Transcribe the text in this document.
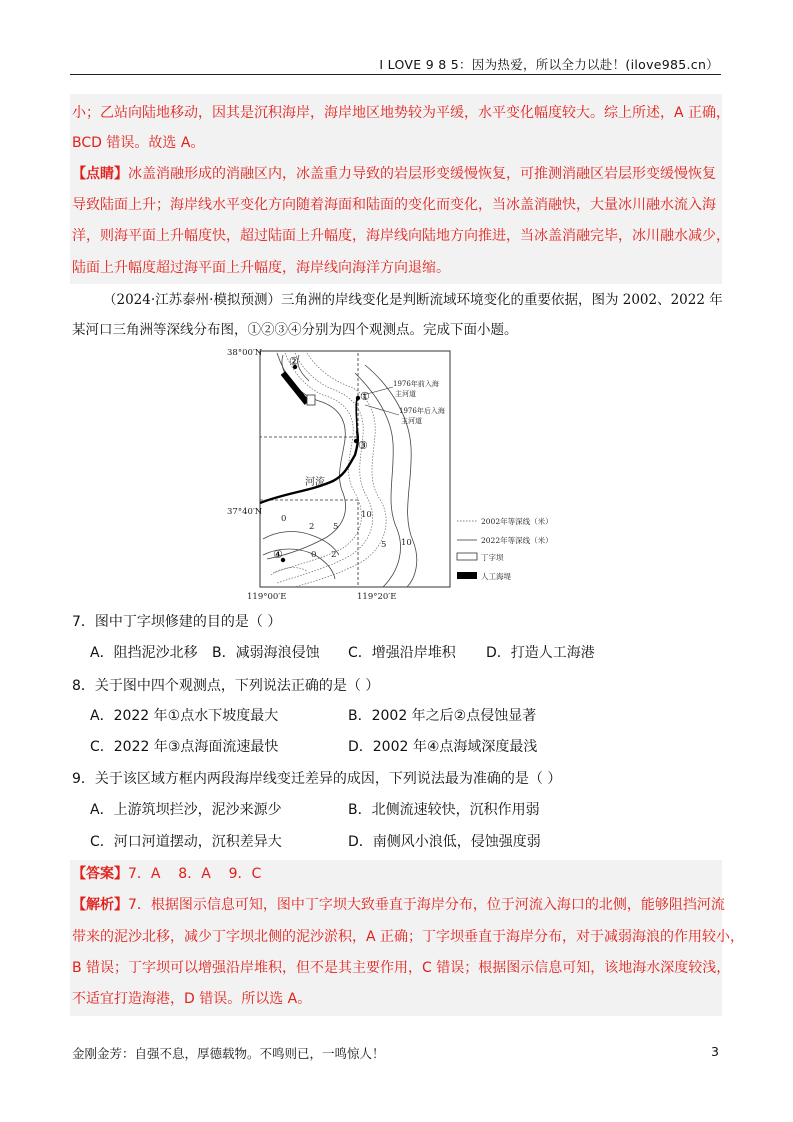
I LOVE 9 8 5：因为热爱，所以全力以赴！(ilove985.cn）
小；乙站向陆地移动，因其是沉积海岸，海岸地区地势较为平缓，水平变化幅度较大。综上所述，A 正确，
BCD 错误。故选 A。
【点睛】冰盖消融形成的消融区内，冰盖重力导致的岩层形变缓慢恢复，可推测消融区岩层形变缓慢恢复
导致陆面上升；海岸线水平变化方向随着海面和陆面的变化而变化，当冰盖消融快，大量冰川融水流入海
洋，则海平面上升幅度快，超过陆面上升幅度，海岸线向陆地方向推进，当冰盖消融完毕，冰川融水减少，
陆面上升幅度超过海平面上升幅度，海岸线向海洋方向退缩。
（2024·江苏泰州·模拟预测）三角洲的岸线变化是判断流域环境变化的重要依据，图为 2002、2022 年
某河口三角洲等深线分布图，①②③④分别为四个观测点。完成下面小题。
38°00′N
37°40′N
119°00′E	119°20′E
河流
1976年前入海
主河道
1976年后入海
主河道
①
②
③
④
0
2 5
10
5 10
0 2
2002年等深线（米）
2022年等深线（米）
丁字坝
人工海堤
7．图中丁字坝修建的目的是（ ）
A．阻挡泥沙北移 B．减弱海浪侵蚀 C．增强沿岸堆积 D．打造人工海港
8．关于图中四个观测点，下列说法正确的是（ ）
A．2022 年①点水下坡度最大	B．2002 年之后②点侵蚀显著
C．2022 年③点海面流速最快	D．2002 年④点海域深度最浅
9．关于该区域方框内两段海岸线变迁差异的成因，下列说法最为准确的是（ ）
A．上游筑坝拦沙，泥沙来源少	B．北侧流速较快，沉积作用弱
C．河口河道摆动，沉积差异大	D．南侧风小浪低，侵蚀强度弱
【答案】7．A    8．A    9．C
【解析】7．根据图示信息可知，图中丁字坝大致垂直于海岸分布，位于河流入海口的北侧，能够阻挡河流
带来的泥沙北移，减少丁字坝北侧的泥沙淤积，A 正确；丁字坝垂直于海岸分布，对于减弱海浪的作用较小，
B 错误；丁字坝可以增强沿岸堆积，但不是其主要作用，C 错误；根据图示信息可知，该地海水深度较浅，
不适宜打造海港，D 错误。所以选 A。
金刚金芳：自强不息，厚德载物。不鸣则已，一鸣惊人！	3
